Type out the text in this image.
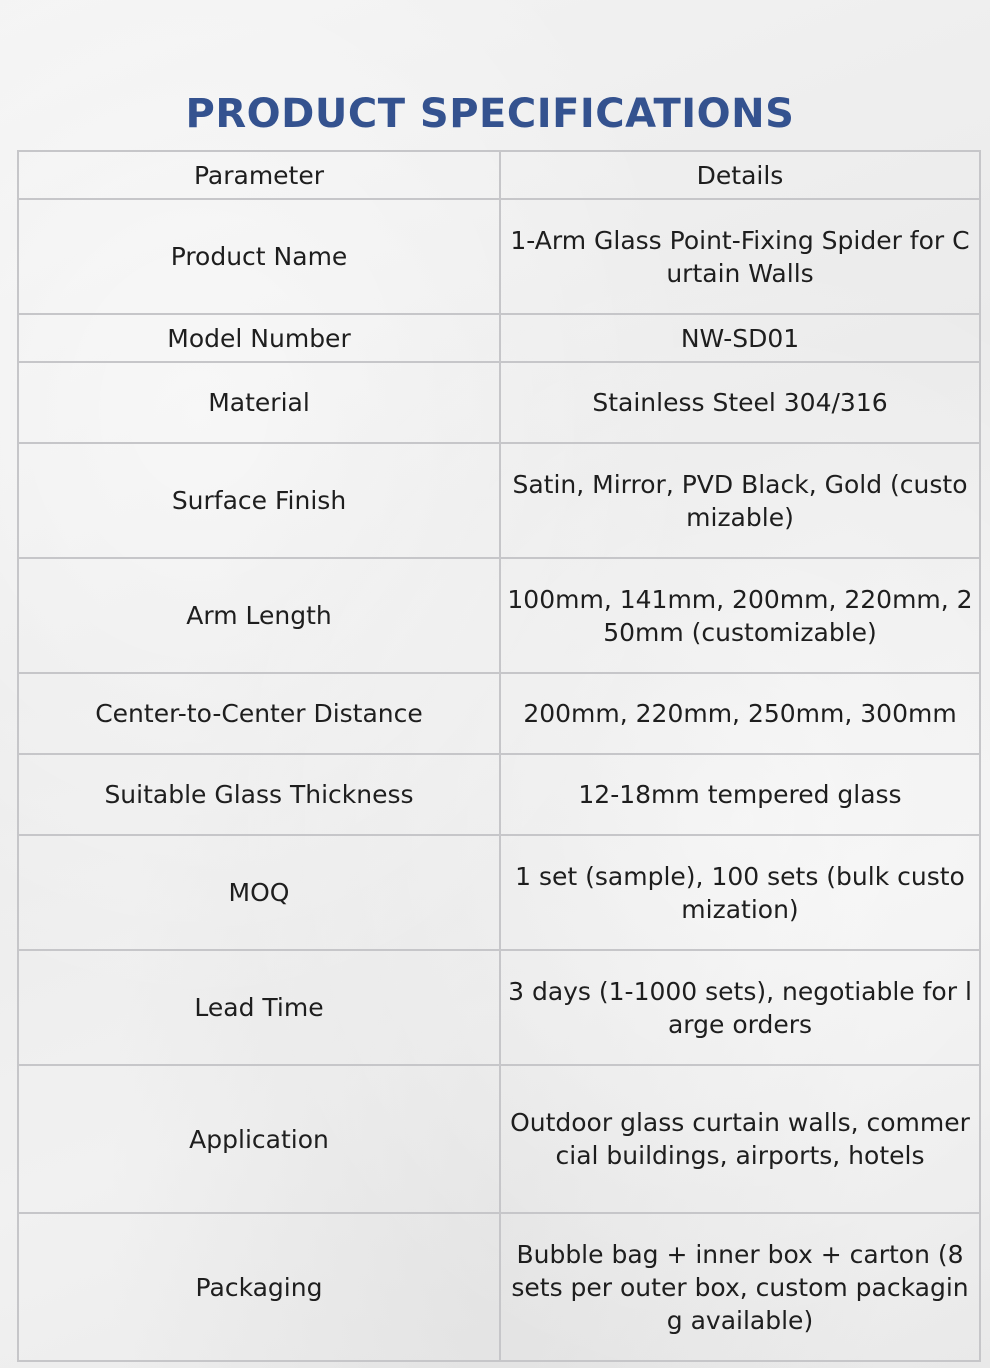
PRODUCT SPECIFICATIONS
Parameter	Details
Product Name	1-Arm Glass Point-Fixing Spider for Curtain Walls
Model Number	NW-SD01
Material	Stainless Steel 304/316
Surface Finish	Satin, Mirror, PVD Black, Gold (customizable)
Arm Length	100mm, 141mm, 200mm, 220mm, 250mm (customizable)
Center-to-Center Distance	200mm, 220mm, 250mm, 300mm
Suitable Glass Thickness	12-18mm tempered glass
MOQ	1 set (sample), 100 sets (bulk customization)
Lead Time	3 days (1-1000 sets), negotiable for large orders
Application	Outdoor glass curtain walls, commercial buildings, airports, hotels
Packaging	Bubble bag + inner box + carton (8 sets per outer box, custom packaging available)
